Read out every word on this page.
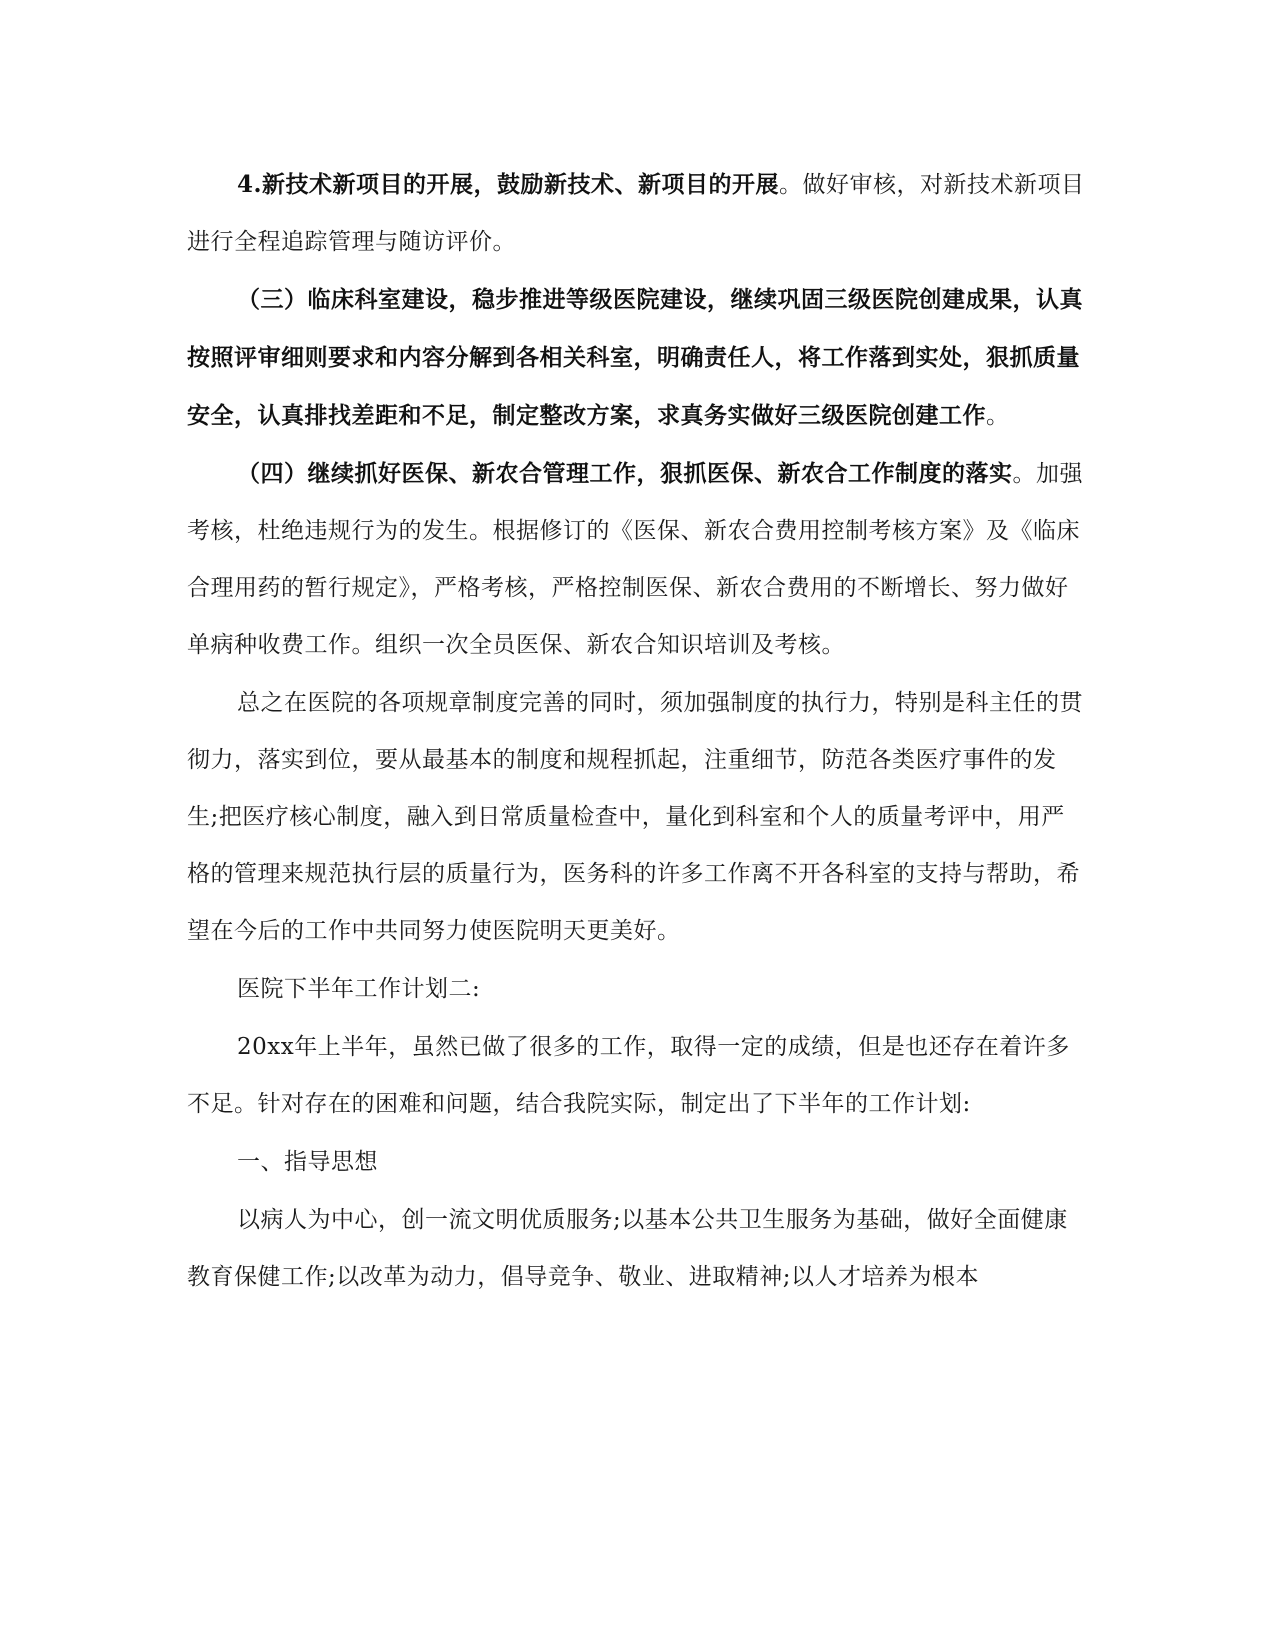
4.新技术新项目的开展，鼓励新技术、新项目的开展。做好审核，对新技术新项目进行全程追踪管理与随访评价。

（三）临床科室建设，稳步推进等级医院建设，继续巩固三级医院创建成果，认真按照评审细则要求和内容分解到各相关科室，明确责任人，将工作落到实处，狠抓质量安全，认真排找差距和不足，制定整改方案，求真务实做好三级医院创建工作。

（四）继续抓好医保、新农合管理工作，狠抓医保、新农合工作制度的落实。加强考核，杜绝违规行为的发生。根据修订的《医保、新农合费用控制考核方案》及《临床合理用药的暂行规定》，严格考核，严格控制医保、新农合费用的不断增长、努力做好单病种收费工作。组织一次全员医保、新农合知识培训及考核。

总之在医院的各项规章制度完善的同时，须加强制度的执行力，特别是科主任的贯彻力，落实到位，要从最基本的制度和规程抓起，注重细节，防范各类医疗事件的发生;把医疗核心制度，融入到日常质量检查中，量化到科室和个人的质量考评中，用严格的管理来规范执行层的质量行为，医务科的许多工作离不开各科室的支持与帮助，希望在今后的工作中共同努力使医院明天更美好。

医院下半年工作计划二:

20xx年上半年，虽然已做了很多的工作，取得一定的成绩，但是也还存在着许多不足。针对存在的困难和问题，结合我院实际，制定出了下半年的工作计划:

一、指导思想

以病人为中心，创一流文明优质服务;以基本公共卫生服务为基础，做好全面健康教育保健工作;以改革为动力，倡导竞争、敬业、进取精神;以人才培养为根本
